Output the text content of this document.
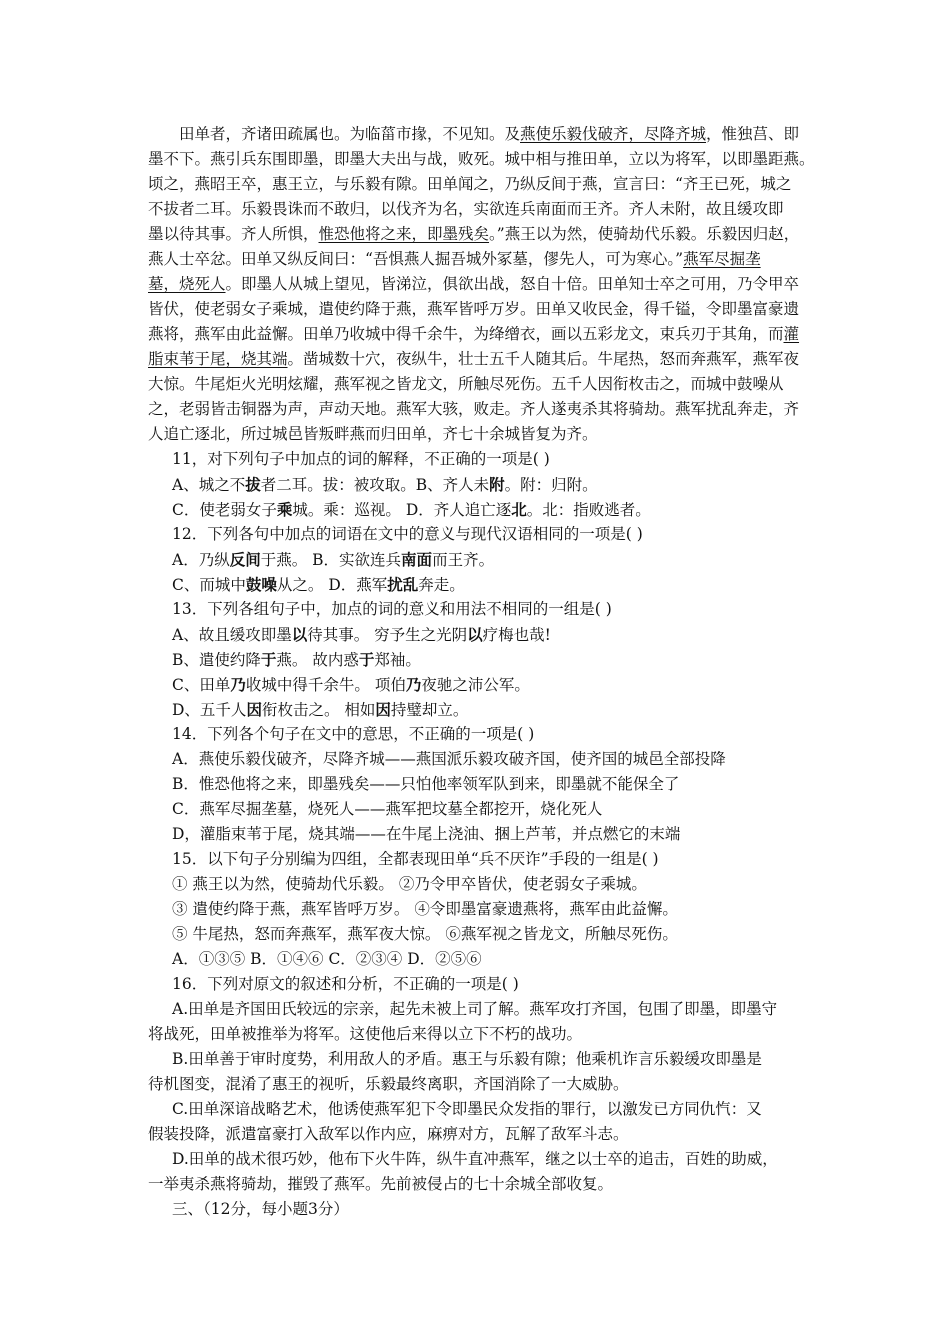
田单者，齐诸田疏属也。为临菑市掾，不见知。及燕使乐毅伐破齐，尽降齐城，惟独莒、即
墨不下。燕引兵东围即墨，即墨大夫出与战，败死。城中相与推田单，立以为将军，以即墨距燕。
顷之，燕昭王卒，惠王立，与乐毅有隙。田单闻之，乃纵反间于燕，宣言曰：“齐王已死，城之
不拔者二耳。乐毅畏诛而不敢归，以伐齐为名，实欲连兵南面而王齐。齐人未附，故且缓攻即
墨以待其事。齐人所惧，惟恐他将之来，即墨残矣。”燕王以为然，使骑劫代乐毅。乐毅因归赵，
燕人士卒忿。田单又纵反间曰：“吾惧燕人掘吾城外冢墓，僇先人，可为寒心。”燕军尽掘垄
墓，烧死人。即墨人从城上望见，皆涕泣，俱欲出战，怒自十倍。田单知士卒之可用，乃令甲卒
皆伏，使老弱女子乘城，遣使约降于燕，燕军皆呼万岁。田单又收民金，得千镒，令即墨富豪遗
燕将，燕军由此益懈。田单乃收城中得千余牛，为绛缯衣，画以五彩龙文，束兵刃于其角，而灌
脂束苇于尾，烧其端。凿城数十穴，夜纵牛，壮士五千人随其后。牛尾热，怒而奔燕军，燕军夜
大惊。牛尾炬火光明炫耀，燕军视之皆龙文，所触尽死伤。五千人因衔枚击之，而城中鼓噪从
之，老弱皆击铜器为声，声动天地。燕军大骇，败走。齐人遂夷杀其将骑劫。燕军扰乱奔走，齐
人追亡逐北，所过城邑皆叛畔燕而归田单，齐七十余城皆复为齐。
11，对下列句子中加点的词的解释，不正确的一项是( )
A、城之不拔者二耳。拔：被攻取。B、齐人未附。附：归附。
C．使老弱女子乘城。乘：巡视。 D．齐人追亡逐北。北：指败逃者。
12．下列各句中加点的词语在文中的意义与现代汉语相同的一项是( )
A．乃纵反间于燕。 B．实欲连兵南面而王齐。
C、而城中鼓噪从之。 D．燕军扰乱奔走。
13．下列各组句子中，加点的词的意义和用法不相同的一组是( )
A、故且缓攻即墨以待其事。 穷予生之光阴以疗梅也哉!
B、遣使约降于燕。 故内惑于郑袖。
C、田单乃收城中得千余牛。 项伯乃夜驰之沛公军。
D、五千人因衔枚击之。 相如因持璧却立。
14．下列各个句子在文中的意思，不正确的一项是( )
A．燕使乐毅伐破齐，尽降齐城——燕国派乐毅攻破齐国，使齐国的城邑全部投降
B．惟恐他将之来，即墨残矣——只怕他率领军队到来，即墨就不能保全了
C．燕军尽掘垄墓，烧死人——燕军把坟墓全都挖开，烧化死人
D，灌脂束苇于尾，烧其端——在牛尾上浇油、捆上芦苇，并点燃它的末端
15．以下句子分别编为四组，全都表现田单“兵不厌诈”手段的一组是( )
① 燕王以为然，使骑劫代乐毅。 ②乃令甲卒皆伏，使老弱女子乘城。
③ 遣使约降于燕，燕军皆呼万岁。 ④令即墨富豪遗燕将，燕军由此益懈。
⑤ 牛尾热，怒而奔燕军，燕军夜大惊。 ⑥燕军视之皆龙文，所触尽死伤。
A．①③⑤ B．①④⑥ C．②③④ D．②⑤⑥
16．下列对原文的叙述和分析，不正确的一项是( )
A.田单是齐国田氏较远的宗亲，起先未被上司了解。燕军攻打齐国，包围了即墨，即墨守
将战死，田单被推举为将军。这使他后来得以立下不朽的战功。
B.田单善于审时度势，利用敌人的矛盾。惠王与乐毅有隙；他乘机诈言乐毅缓攻即墨是
待机图变，混淆了惠王的视听，乐毅最终离职，齐国消除了一大威胁。
C.田单深谙战略艺术，他诱使燕军犯下令即墨民众发指的罪行，以激发已方同仇忾：又
假装投降，派遣富豪打入敌军以作内应，麻痹对方，瓦解了敌军斗志。
D.田单的战术很巧妙，他布下火牛阵，纵牛直冲燕军，继之以士卒的追击，百姓的助威，
一举夷杀燕将骑劫，摧毁了燕军。先前被侵占的七十余城全部收复。
三、（12分，每小题3分）
